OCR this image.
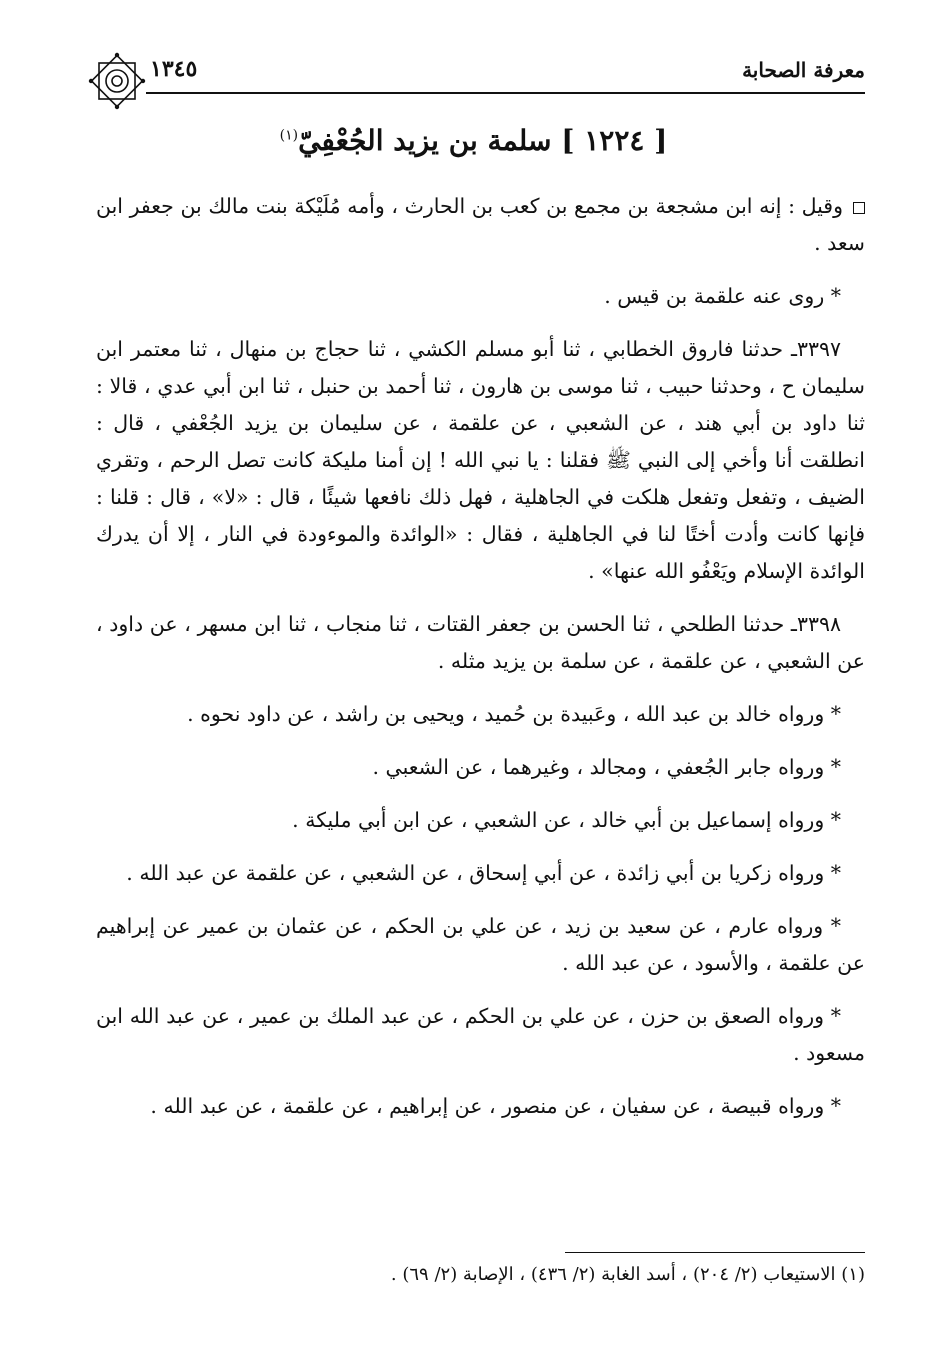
١٣٤٥	معرفة الصحابة
[ ١٢٢٤ ] سلمة بن يزيد الجُعْفِيّ$^{(١)}$

وقيل : إنه ابن مشجعة بن مجمع بن كعب بن الحارث ، وأمه مُلَيْكة بنت مالك بن جعفر ابن سعد .

* روى عنه علقمة بن قيس .

٣٣٩٧ـ حدثنا فاروق الخطابي ، ثنا أبو مسلم الكشي ، ثنا حجاج بن منهال ، ثنا معتمر ابن سليمان ح ، وحدثنا حبيب ، ثنا موسى بن هارون ، ثنا أحمد بن حنبل ، ثنا ابن أبي عدي ، قالا : ثنا داود بن أبي هند ، عن الشعبي ، عن علقمة ، عن سليمان بن يزيد الجُعْفي ، قال : انطلقت أنا وأخي إلى النبي ﷺ فقلنا : يا نبي الله ! إن أمنا مليكة كانت تصل الرحم ، وتقري الضيف ، وتفعل وتفعل هلكت في الجاهلية ، فهل ذلك نافعها شيئًا ، قال : «لا» ، قال : قلنا : فإنها كانت وأدت أختًا لنا في الجاهلية ، فقال : «الوائدة والموءودة في النار ، إلا أن يدرك الوائدة الإسلام ويَعْفُو الله عنها» .

٣٣٩٨ـ حدثنا الطلحي ، ثنا الحسن بن جعفر القتات ، ثنا منجاب ، ثنا ابن مسهر ، عن داود ، عن الشعبي ، عن علقمة ، عن سلمة بن يزيد مثله .

* ورواه خالد بن عبد الله ، وعَبيدة بن حُميد ، ويحيى بن راشد ، عن داود نحوه .

* ورواه جابر الجُعفي ، ومجالد ، وغيرهما ، عن الشعبي .

* ورواه إسماعيل بن أبي خالد ، عن الشعبي ، عن ابن أبي مليكة .

* ورواه زكريا بن أبي زائدة ، عن أبي إسحاق ، عن الشعبي ، عن علقمة عن عبد الله .

* ورواه عارم ، عن سعيد بن زيد ، عن علي بن الحكم ، عن عثمان بن عمير عن إبراهيم عن علقمة ، والأسود ، عن عبد الله .

* ورواه الصعق بن حزن ، عن علي بن الحكم ، عن عبد الملك بن عمير ، عن عبد الله ابن مسعود .

* ورواه قبيصة ، عن سفيان ، عن منصور ، عن إبراهيم ، عن علقمة ، عن عبد الله .

(١) الاستيعاب (٢/ ٢٠٤) ، أسد الغابة (٢/ ٤٣٦) ، الإصابة (٢/ ٦٩) .
